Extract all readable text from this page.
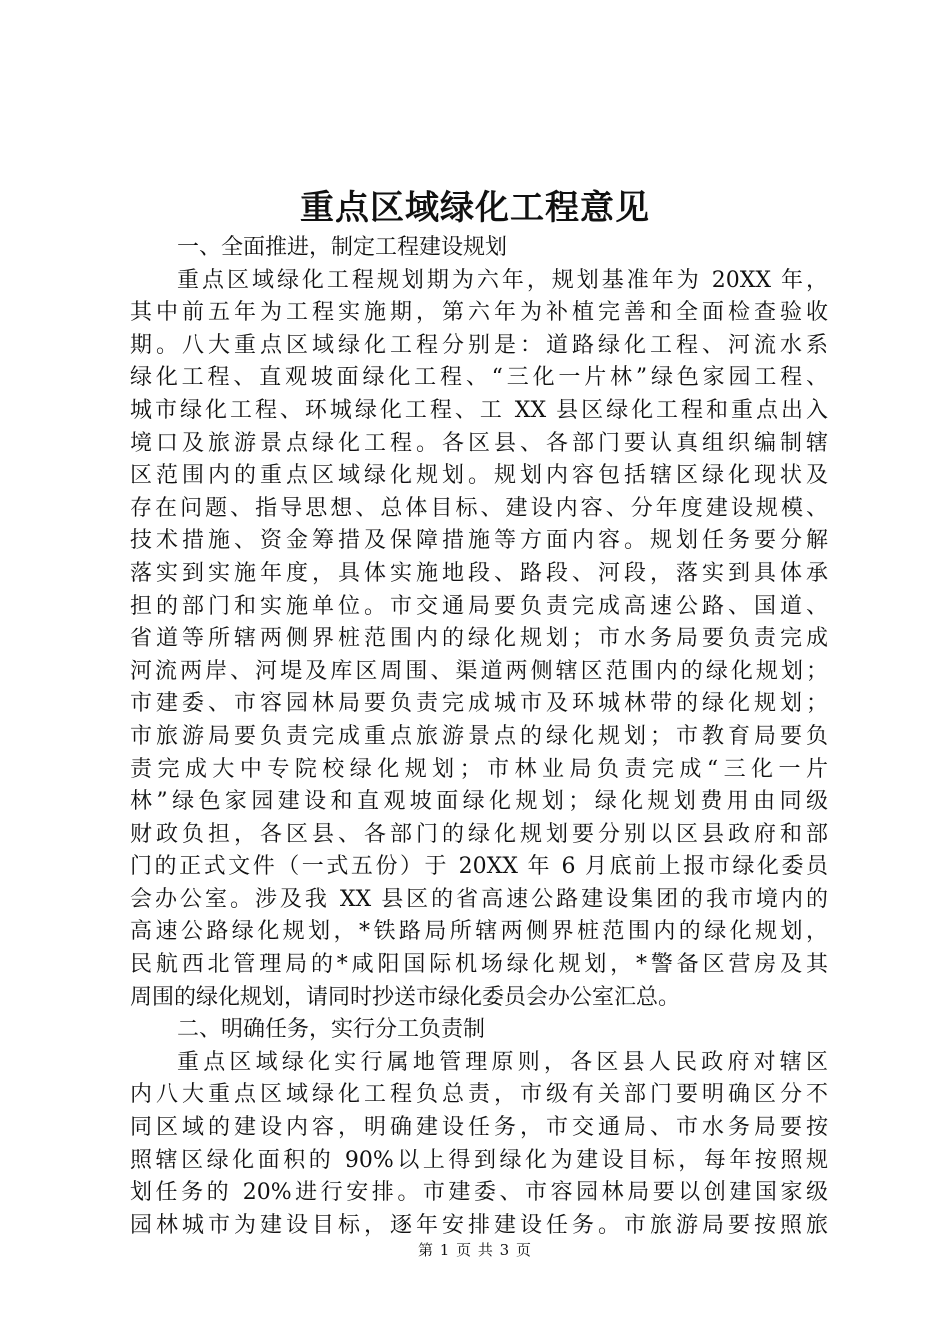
重点区域绿化工程意见
一、全面推进，制定工程建设规划
重点区域绿化工程规划期为六年，规划基准年为 20XX 年，
其中前五年为工程实施期，第六年为补植完善和全面检查验收
期。八大重点区域绿化工程分别是：道路绿化工程、河流水系
绿化工程、直观坡面绿化工程、“三化一片林”绿色家园工程、
城市绿化工程、环城绿化工程、工 XX 县区绿化工程和重点出入
境口及旅游景点绿化工程。各区县、各部门要认真组织编制辖
区范围内的重点区域绿化规划。规划内容包括辖区绿化现状及
存在问题、指导思想、总体目标、建设内容、分年度建设规模、
技术措施、资金筹措及保障措施等方面内容。规划任务要分解
落实到实施年度，具体实施地段、路段、河段，落实到具体承
担的部门和实施单位。市交通局要负责完成高速公路、国道、
省道等所辖两侧界桩范围内的绿化规划；市水务局要负责完成
河流两岸、河堤及库区周围、渠道两侧辖区范围内的绿化规划；
市建委、市容园林局要负责完成城市及环城林带的绿化规划；
市旅游局要负责完成重点旅游景点的绿化规划；市教育局要负
责完成大中专院校绿化规划；市林业局负责完成“三化一片
林”绿色家园建设和直观坡面绿化规划；绿化规划费用由同级
财政负担，各区县、各部门的绿化规划要分别以区县政府和部
门的正式文件（一式五份）于 20XX 年 6 月底前上报市绿化委员
会办公室。涉及我 XX 县区的省高速公路建设集团的我市境内的
高速公路绿化规划，*铁路局所辖两侧界桩范围内的绿化规划，
民航西北管理局的*咸阳国际机场绿化规划，*警备区营房及其
周围的绿化规划，请同时抄送市绿化委员会办公室汇总。
二、明确任务，实行分工负责制
重点区域绿化实行属地管理原则，各区县人民政府对辖区
内八大重点区域绿化工程负总责，市级有关部门要明确区分不
同区域的建设内容，明确建设任务，市交通局、市水务局要按
照辖区绿化面积的 90%以上得到绿化为建设目标，每年按照规
划任务的 20%进行安排。市建委、市容园林局要以创建国家级
园林城市为建设目标，逐年安排建设任务。市旅游局要按照旅
第 1 页 共 3 页
